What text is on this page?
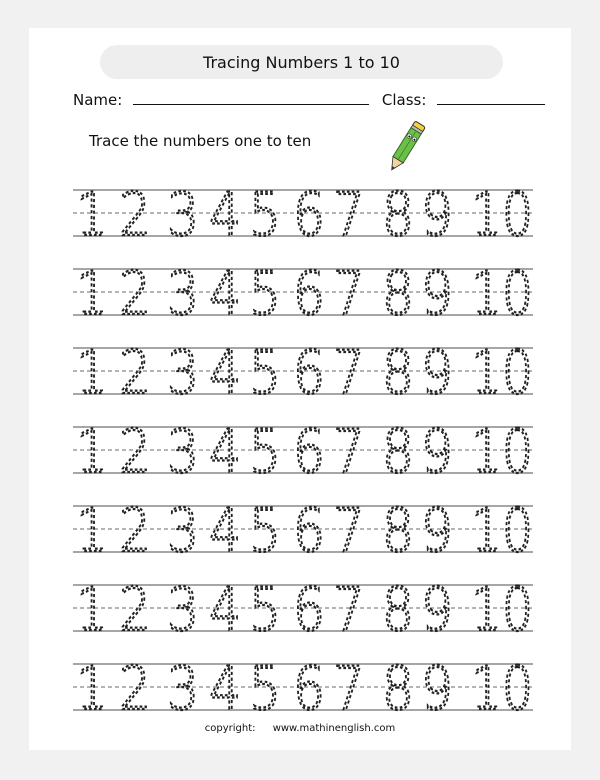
Tracing Numbers 1 to 10
Name:	Class:
Trace the numbers one to ten
1 2 3 4 5 6 7 8 9 10
1 2 3 4 5 6 7 8 9 10
1 2 3 4 5 6 7 8 9 10
1 2 3 4 5 6 7 8 9 10
1 2 3 4 5 6 7 8 9 10
1 2 3 4 5 6 7 8 9 10
1 2 3 4 5 6 7 8 9 10
copyright: www.mathinenglish.com
